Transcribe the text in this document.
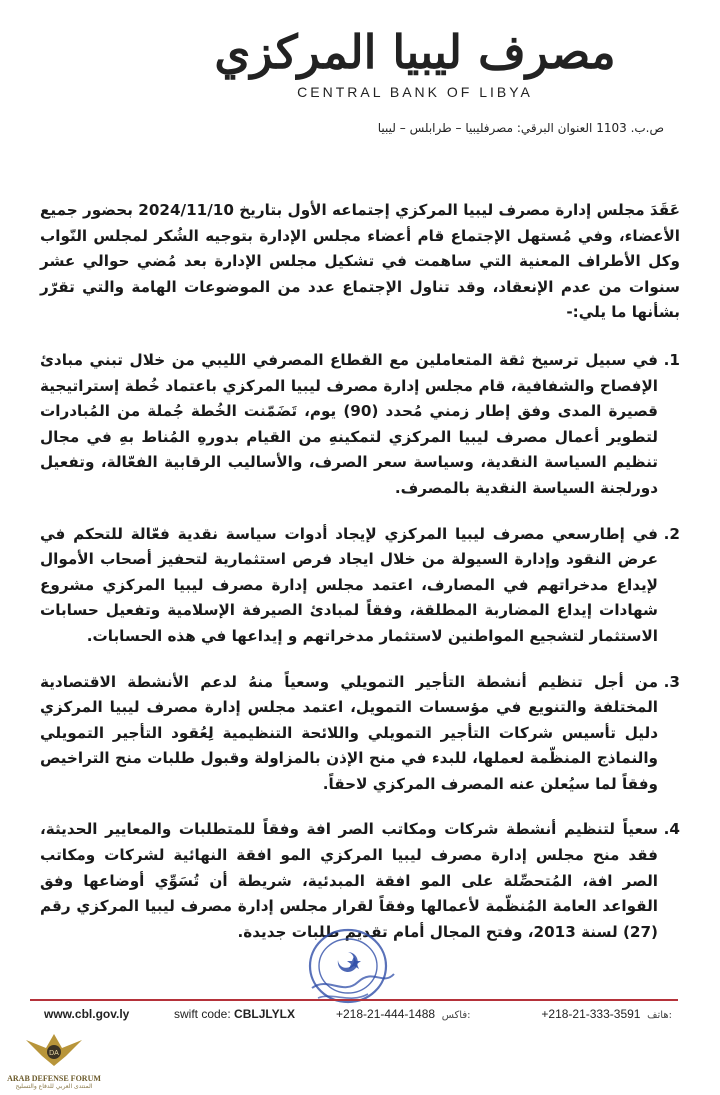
مصرف ليبيا المركزي
CENTRAL BANK OF LIBYA
ص.ب. 1103 العنوان البرقي: مصرفليبيا – طرابلس – ليبيا

عَقَدَ مجلس إدارة مصرف ليبيا المركزي إجتماعه الأول بتاريخ 2024/11/10 بحضور جميع الأعضاء، وفي مُستهل الإجتماع قام أعضاء مجلس الإدارة بتوجيه الشُكر لمجلس النّواب وكل الأطراف المعنية التي ساهمت في تشكيل مجلس الإدارة بعد مُضي حوالي عشر سنوات من عدم الإنعقاد، وقد تناول الإجتماع عدد من الموضوعات الهامة والتي تقرّر بشأنها ما يلي:-

1.
في سبيل ترسيخ ثقة المتعاملين مع القطاع المصرفي الليبي من خلال تبني مبادئ الإفصاح والشفافية، قام مجلس إدارة مصرف ليبيا المركزي باعتماد خُطة إستراتيجية قصيرة المدى وفق إطار زمني مُحدد (90) يوم، تَضَمّنت الخُطة جُملة من المُبادرات لتطوير أعمال مصرف ليبيا المركزي لتمكينهِ من القيام بدورهِ المُناط بهِ في مجال تنظيم السياسة النقدية، وسياسة سعر الصرف، والأساليب الرقابية الفعّالة، وتفعيل دورلجنة السياسة النقدية بالمصرف.
2.
في إطارسعي مصرف ليبيا المركزي لإيجاد أدوات سياسة نقدية فعّالة للتحكم في عرض النقود وإدارة السيولة من خلال ايجاد فرص استثمارية لتحفيز أصحاب الأموال لإيداع مدخراتهم في المصارف، اعتمد مجلس إدارة مصرف ليبيا المركزي مشروع شهادات إيداع المضاربة المطلقة، وفقاً لمبادئ الصيرفة الإسلامية وتفعيل حسابات الاستثمار لتشجيع المواطنين لاستثمار مدخراتهم و إيداعها في هذه الحسابات.
3.
من أجل تنظيم أنشطة التأجير التمويلي وسعياً منهُ لدعم الأنشطة الاقتصادية المختلفة والتنويع في مؤسسات التمويل، اعتمد مجلس إدارة مصرف ليبيا المركزي دليل تأسيس شركات التأجير التمويلي واللائحة التنظيمية لِعُقود التأجير التمويلي والنماذج المنظّمة لعملها، للبدء في منح الإذن بالمزاولة وقبول طلبات منح التراخيص وفقاً لما سيُعلن عنه المصرف المركزي لاحقاً.
4.
سعياً لتنظيم أنشطة شركات ومكاتب الصر افة وفقاً للمتطلبات والمعايير الحديثة، فقد منح مجلس إدارة مصرف ليبيا المركزي المو افقة النهائية لشركات ومكاتب الصر افة، المُتحصِّلة على المو افقة المبدئية، شريطة أن تُسَوِّي أوضاعها وفق القواعد العامة المُنظّمة لأعمالها وفقاً لقرار مجلس إدارة مصرف ليبيا المركزي رقم (27) لسنة 2013، وفتح المجال أمام تقديم طلبات جديدة.
www.cbl.gov.ly	swift code: CBLJLYLX	+218-21-444-1488 فاكس:	+218-21-333-3591 هاتف:
DA
ARAB DEFENSE FORUM
المنتدى العربي للدفاع والتسليح
